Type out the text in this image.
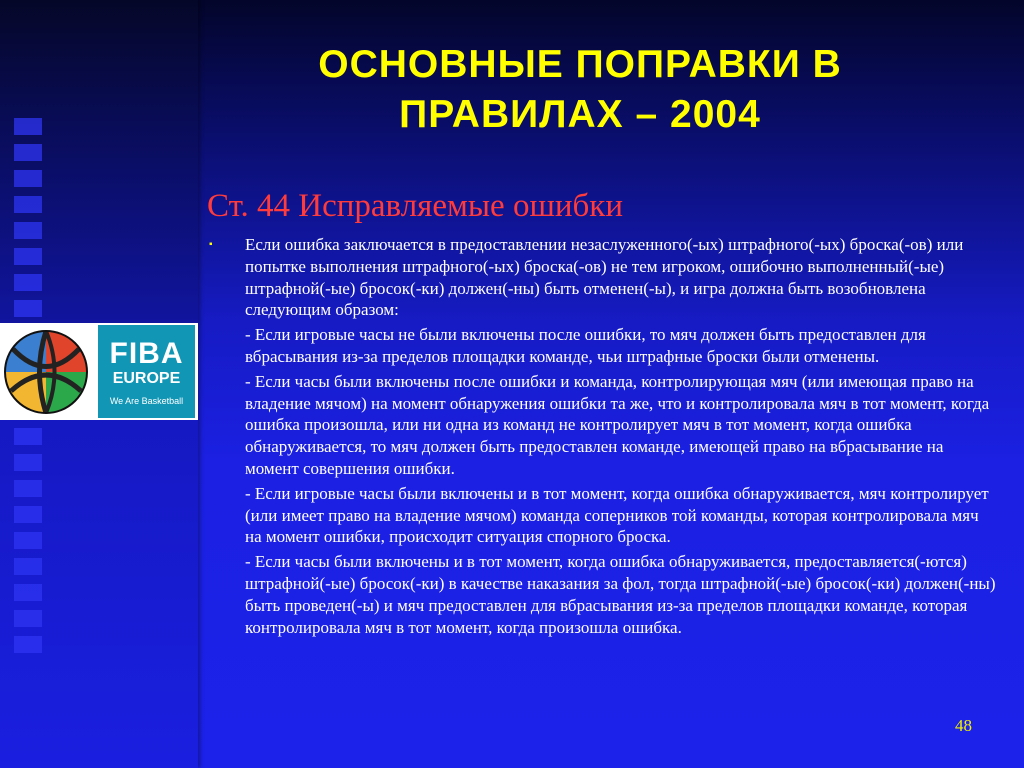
FIBA
EUROPE
We Are Basketball
ОСНОВНЫЕ ПОПРАВКИ В ПРАВИЛАХ – 2004
Ст. 44 Исправляемые ошибки
▪	Если ошибка заключается в предоставлении незаслуженного(-ых) штрафного(-ых) броска(-ов) или попытке выполнения штрафного(-ых) броска(-ов) не тем игроком, ошибочно выполненный(-ые) штрафной(-ые) бросок(-ки) должен(-ны) быть отменен(-ы), и игра должна быть возобновлена следующим образом:
- Если игровые часы не были включены после ошибки, то мяч должен быть предоставлен для вбрасывания из-за пределов площадки команде, чьи штрафные броски были отменены.
- Если часы были включены после ошибки и команда, контролирующая мяч (или имеющая право на владение мячом) на момент обнаружения ошибки та же, что и контролировала мяч в тот момент, когда ошибка произошла, или ни одна из команд не контролирует мяч в тот момент, когда ошибка обнаруживается, то мяч должен быть предоставлен команде, имеющей право на вбрасывание на момент совершения ошибки.
- Если игровые часы были включены и в тот момент, когда ошибка обнаруживается, мяч контролирует (или имеет право на владение мячом) команда соперников той команды, которая контролировала мяч на момент ошибки, происходит ситуация спорного броска.
- Если часы были включены и в тот момент, когда ошибка обнаруживается, предоставляется(-ются) штрафной(-ые) бросок(-ки) в качестве наказания за фол, тогда штрафной(-ые) бросок(-ки) должен(-ны) быть проведен(-ы) и мяч предоставлен для вбрасывания из-за пределов площадки команде, которая контролировала мяч в тот момент, когда произошла ошибка.
48
